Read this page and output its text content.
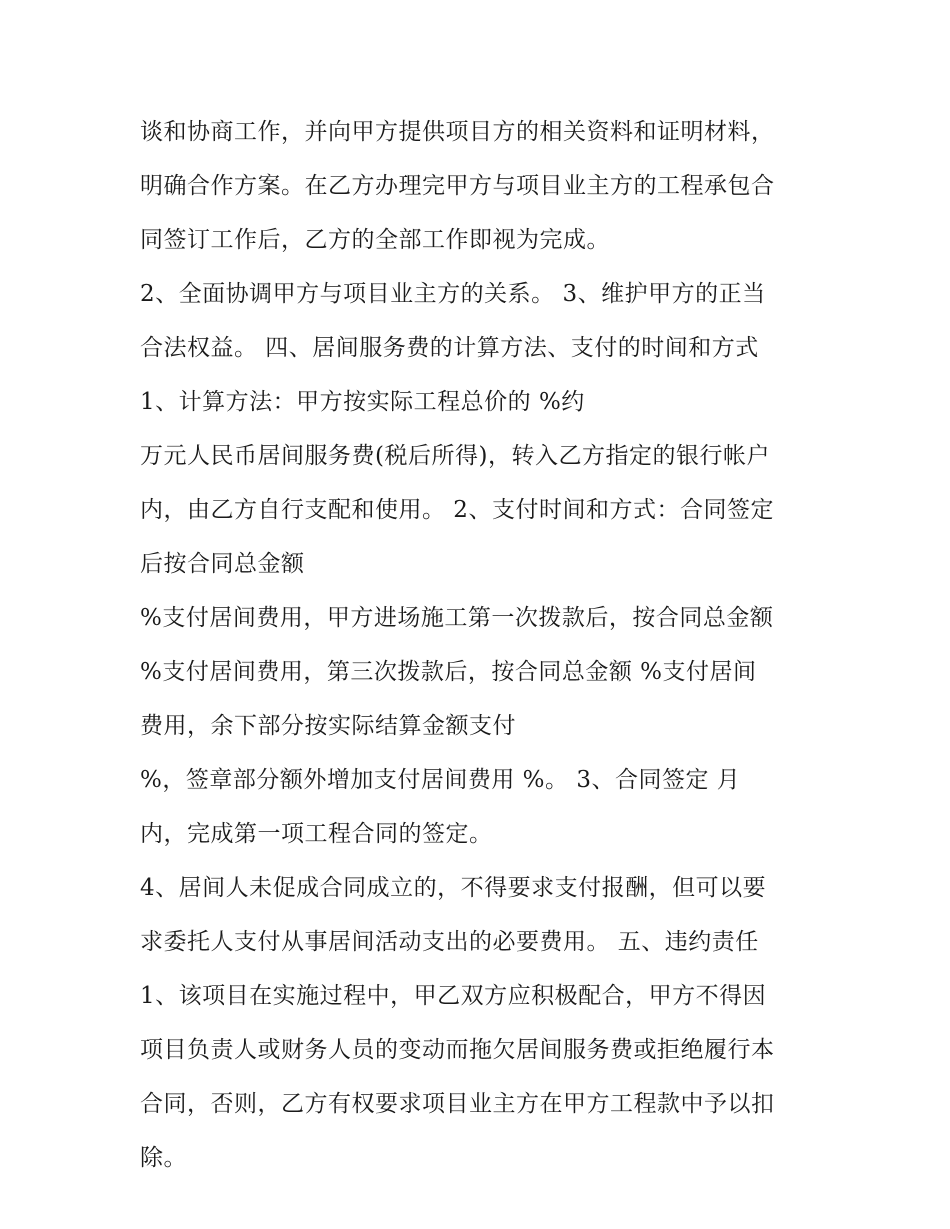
谈和协商工作，并向甲方提供项目方的相关资料和证明材料，
明确合作方案。在乙方办理完甲方与项目业主方的工程承包合
同签订工作后，乙方的全部工作即视为完成。
2、全面协调甲方与项目业主方的关系。 3、维护甲方的正当
合法权益。 四、居间服务费的计算方法、支付的时间和方式
1、计算方法：甲方按实际工程总价的 %约
万元人民币居间服务费(税后所得)，转入乙方指定的银行帐户
内，由乙方自行支配和使用。 2、支付时间和方式：合同签定
后按合同总金额
%支付居间费用，甲方进场施工第一次拨款后，按合同总金额
%支付居间费用，第三次拨款后，按合同总金额 %支付居间
费用，余下部分按实际结算金额支付
%，签章部分额外增加支付居间费用 %。 3、合同签定 月
内，完成第一项工程合同的签定。
4、居间人未促成合同成立的，不得要求支付报酬，但可以要
求委托人支付从事居间活动支出的必要费用。 五、违约责任
1、该项目在实施过程中，甲乙双方应积极配合，甲方不得因
项目负责人或财务人员的变动而拖欠居间服务费或拒绝履行本
合同，否则，乙方有权要求项目业主方在甲方工程款中予以扣
除。
